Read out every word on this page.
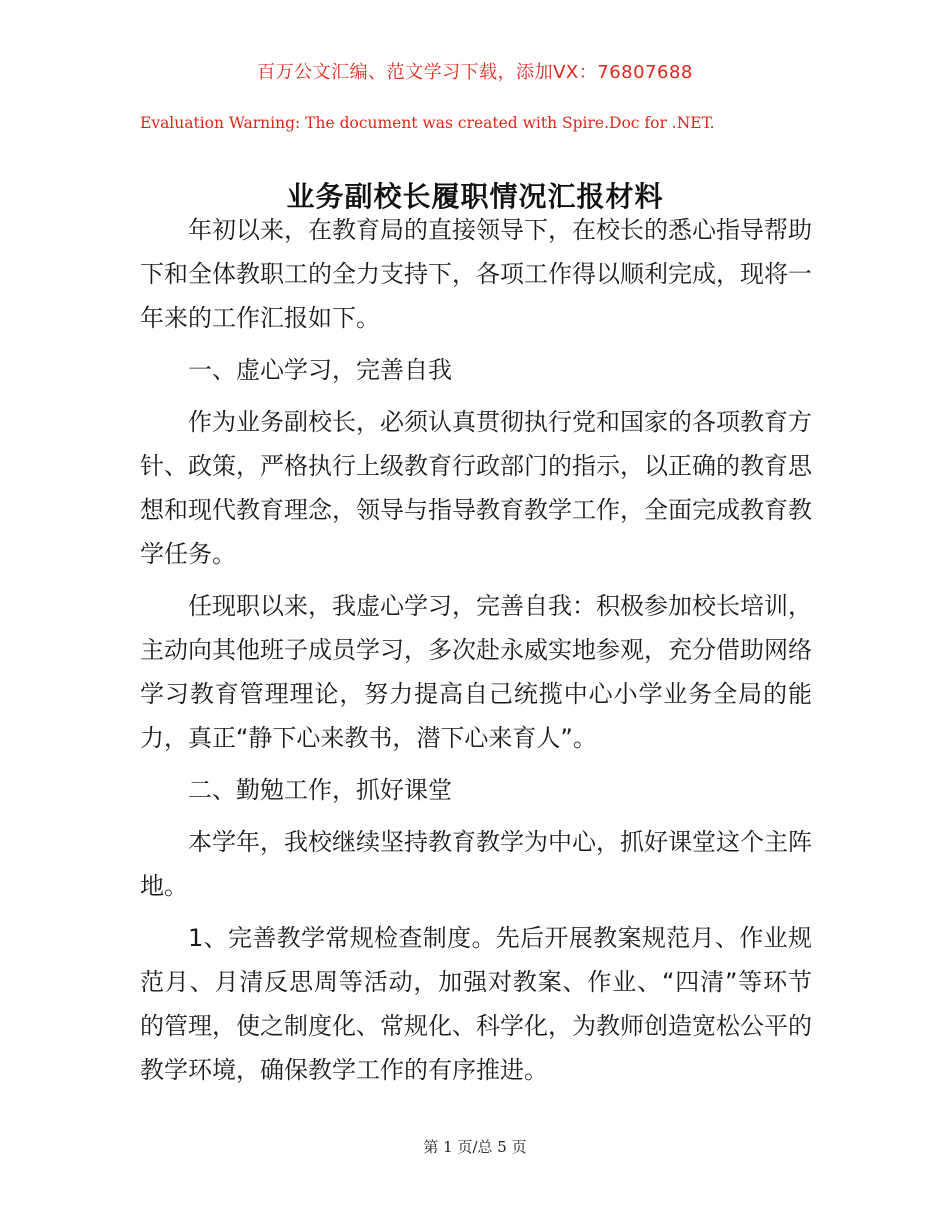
百万公文汇编、范文学习下载，添加VX：76807688
Evaluation Warning: The document was created with Spire.Doc for .NET.
业务副校长履职情况汇报材料

年初以来，在教育局的直接领导下，在校长的悉心指导帮助下和全体教职工的全力支持下，各项工作得以顺利完成，现将一年来的工作汇报如下。

一、虚心学习，完善自我

作为业务副校长，必须认真贯彻执行党和国家的各项教育方针、政策，严格执行上级教育行政部门的指示，以正确的教育思想和现代教育理念，领导与指导教育教学工作，全面完成教育教学任务。

任现职以来，我虚心学习，完善自我：积极参加校长培训，主动向其他班子成员学习，多次赴永威实地参观，充分借助网络学习教育管理理论，努力提高自己统揽中心小学业务全局的能力，真正“静下心来教书，潜下心来育人”。

二、勤勉工作，抓好课堂

本学年，我校继续坚持教育教学为中心，抓好课堂这个主阵地。

1、完善教学常规检查制度。先后开展教案规范月、作业规范月、月清反思周等活动，加强对教案、作业、“四清”等环节的管理，使之制度化、常规化、科学化，为教师创造宽松公平的教学环境，确保教学工作的有序推进。

第 1 页/总 5 页
